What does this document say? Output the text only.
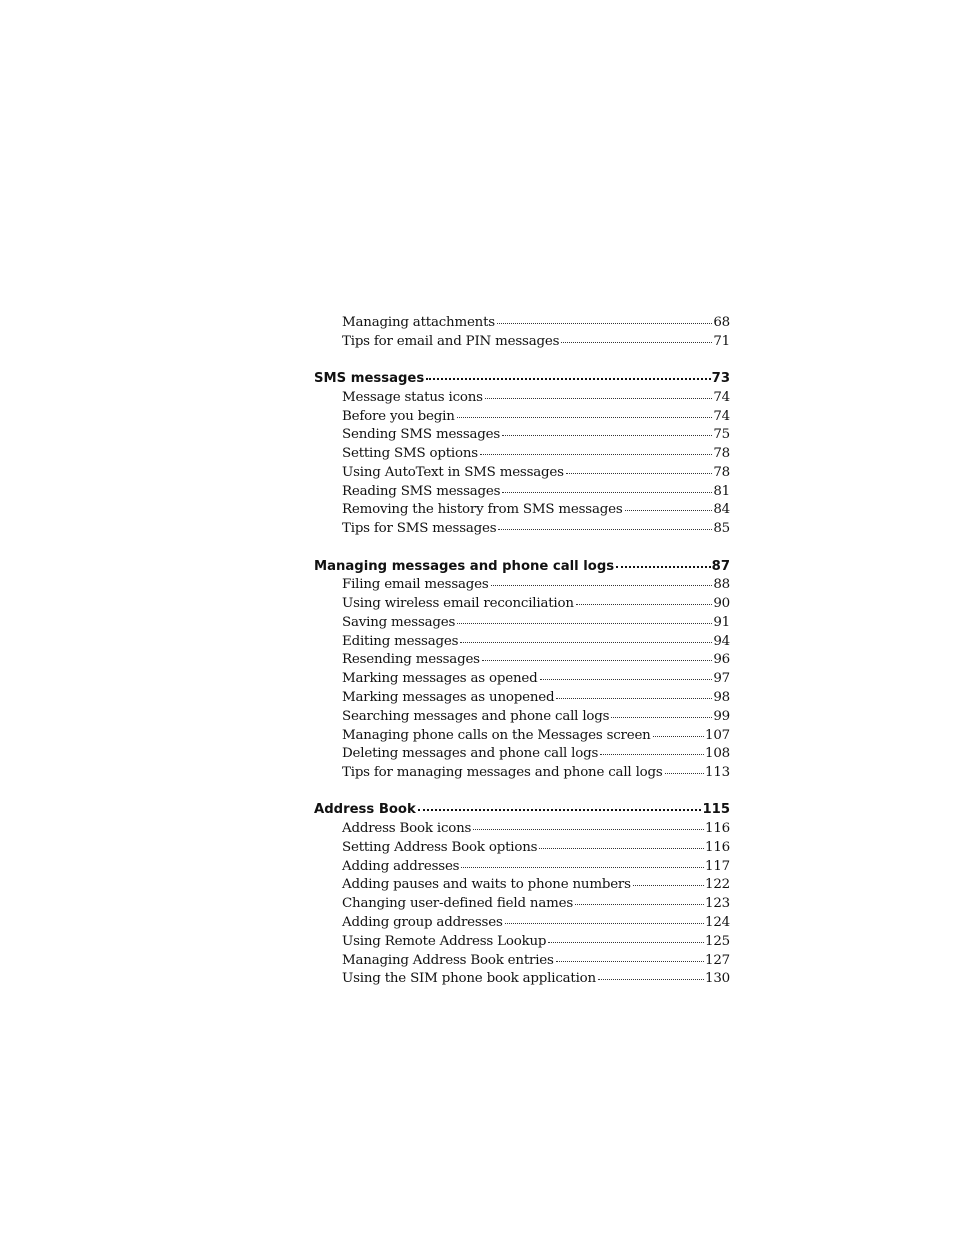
Managing attachments	68
Tips for email and PIN messages	71
SMS messages	73
Message status icons	74
Before you begin	74
Sending SMS messages	75
Setting SMS options	78
Using AutoText in SMS messages	78
Reading SMS messages	81
Removing the history from SMS messages	84
Tips for SMS messages	85
Managing messages and phone call logs	87
Filing email messages	88
Using wireless email reconciliation	90
Saving messages	91
Editing messages	94
Resending messages	96
Marking messages as opened	97
Marking messages as unopened	98
Searching messages and phone call logs	99
Managing phone calls on the Messages screen	107
Deleting messages and phone call logs	108
Tips for managing messages and phone call logs	113
Address Book	115
Address Book icons	116
Setting Address Book options	116
Adding addresses	117
Adding pauses and waits to phone numbers	122
Changing user-defined field names	123
Adding group addresses	124
Using Remote Address Lookup	125
Managing Address Book entries	127
Using the SIM phone book application	130
